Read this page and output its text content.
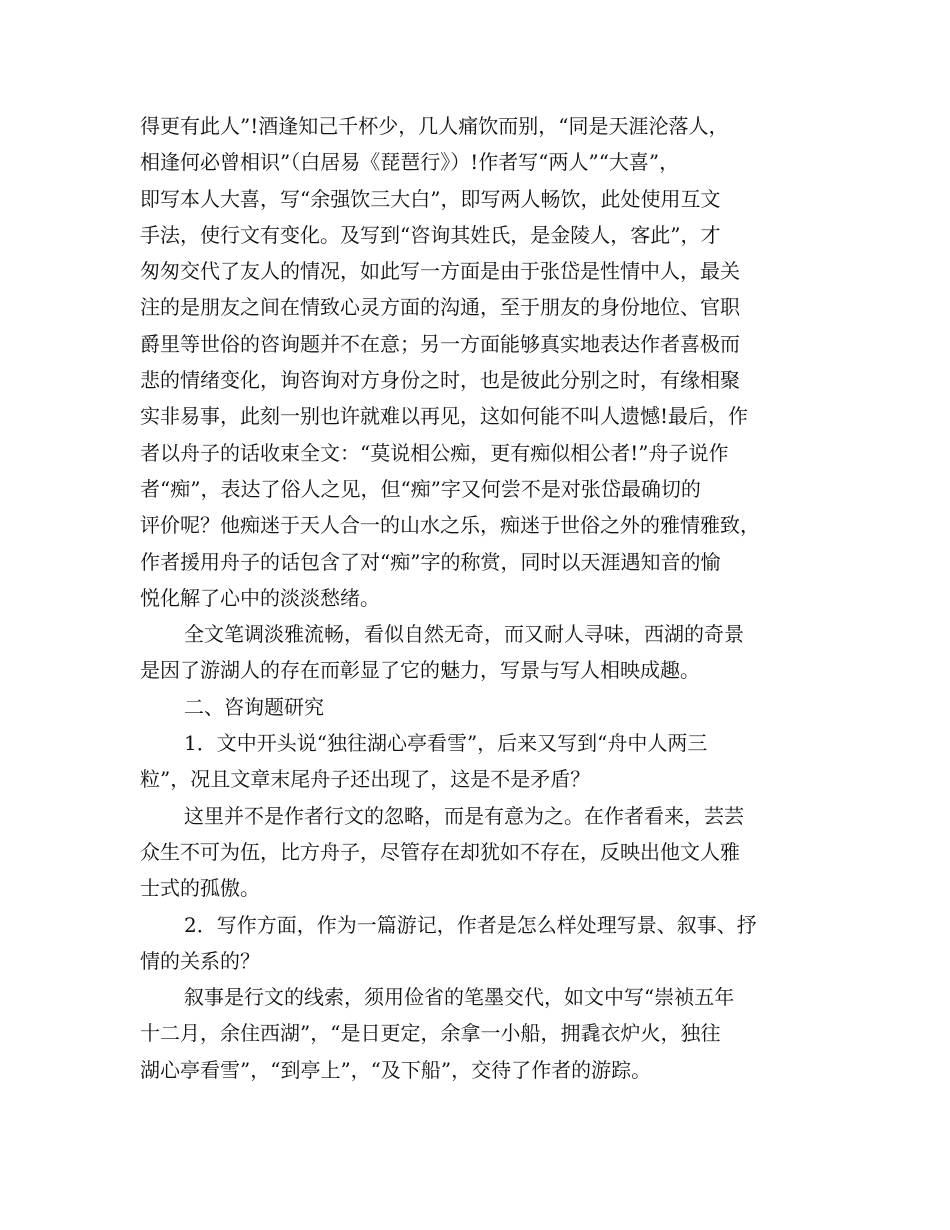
得更有此人”!酒逢知己千杯少，几人痛饮而别，“同是天涯沦落人，
相逢何必曾相识”（白居易《琵琶行》）!作者写“两人”“大喜”，
即写本人大喜，写“余强饮三大白”，即写两人畅饮，此处使用互文
手法，使行文有变化。及写到“咨询其姓氏，是金陵人，客此”，才
匆匆交代了友人的情况，如此写一方面是由于张岱是性情中人，最关
注的是朋友之间在情致心灵方面的沟通，至于朋友的身份地位、官职
爵里等世俗的咨询题并不在意；另一方面能够真实地表达作者喜极而
悲的情绪变化，询咨询对方身份之时，也是彼此分别之时，有缘相聚
实非易事，此刻一别也许就难以再见，这如何能不叫人遗憾!最后，作
者以舟子的话收束全文：“莫说相公痴，更有痴似相公者!”舟子说作
者“痴”，表达了俗人之见，但“痴”字又何尝不是对张岱最确切的
评价呢？他痴迷于天人合一的山水之乐，痴迷于世俗之外的雅情雅致，
作者援用舟子的话包含了对“痴”字的称赏，同时以天涯遇知音的愉
悦化解了心中的淡淡愁绪。
全文笔调淡雅流畅，看似自然无奇，而又耐人寻味，西湖的奇景
是因了游湖人的存在而彰显了它的魅力，写景与写人相映成趣。
二、咨询题研究
1．文中开头说“独往湖心亭看雪”，后来又写到“舟中人两三
粒”，况且文章末尾舟子还出现了，这是不是矛盾？
这里并不是作者行文的忽略，而是有意为之。在作者看来，芸芸
众生不可为伍，比方舟子，尽管存在却犹如不存在，反映出他文人雅
士式的孤傲。
2．写作方面，作为一篇游记，作者是怎么样处理写景、叙事、抒
情的关系的？
叙事是行文的线索，须用俭省的笔墨交代，如文中写“崇祯五年
十二月，余住西湖”，“是日更定，余拿一小船，拥毳衣炉火，独往
湖心亭看雪”，“到亭上”，“及下船”，交待了作者的游踪。
